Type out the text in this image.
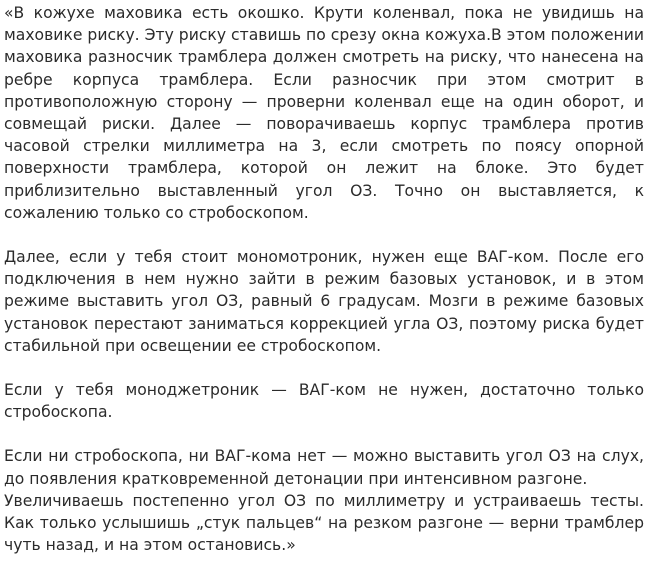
«В кожухе маховика есть окошко. Крути коленвал, пока не увидишь на маховике риску. Эту риску ставишь по срезу окна кожуха.В этом положении маховика разносчик трамблера должен смотреть на риску, что нанесена на ребре корпуса трамблера. Если разносчик при этом смотрит в противоположную сторону — проверни коленвал еще на один оборот, и совмещай риски. Далее — поворачиваешь корпус трамблера против часовой стрелки миллиметра на 3, если смотреть по поясу опорной поверхности трамблера, которой он лежит на блоке. Это будет приблизительно выставленный угол ОЗ. Точно он выставляется, к сожалению только со стробоскопом.

Далее, если у тебя стоит мономотроник, нужен еще ВАГ-ком. После его подключения в нем нужно зайти в режим базовых установок, и в этом режиме выставить угол ОЗ, равный 6 градусам. Мозги в режиме базовых установок перестают заниматься коррекцией угла ОЗ, поэтому риска будет стабильной при освещении ее стробоскопом.

Если у тебя моноджетроник — ВАГ-ком не нужен, достаточно только стробоскопа.

Если ни стробоскопа, ни ВАГ-кома нет — можно выставить угол ОЗ на слух, до появления кратковременной детонации при интенсивном разгоне.

Увеличиваешь постепенно угол ОЗ по миллиметру и устраиваешь тесты. Как только услышишь „стук пальцев“ на резком разгоне — верни трамблер чуть назад, и на этом остановись.»
